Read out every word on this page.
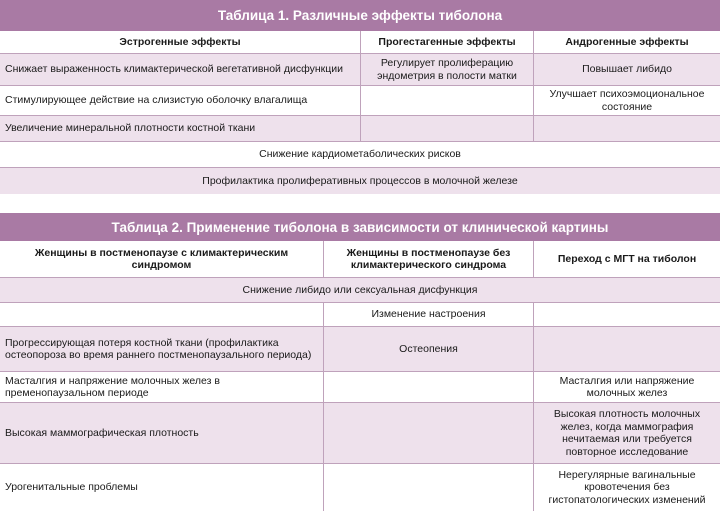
Таблица 1. Различные эффекты тиболона
Эстрогенные эффекты	Прогестагенные эффекты	Андрогенные эффекты
Снижает выраженность климактерической вегетативной дисфункции
Регулирует пролиферацию эндометрия в полости матки
Повышает либидо
Стимулирующее действие на слизистую оболочку влагалища
Улучшает психоэмоциональное состояние
Увеличение минеральной плотности костной ткани
Снижение кардиометаболических рисков
Профилактика пролиферативных процессов в молочной железе
Таблица 2. Применение тиболона в зависимости от клинической картины
Женщины в постменопаузе с климактерическим синдромом
Женщины в постменопаузе без климактерического синдрома
Переход с МГТ на тиболон
Снижение либидо или сексуальная дисфункция
Изменение настроения
Прогрессирующая потеря костной ткани (профилактика остеопороза во время раннего постменопаузального периода)
Остеопения
Масталгия и напряжение молочных желез в пременопаузальном периоде
Масталгия или напряжение молочных желез
Высокая маммографическая плотность
Высокая плотность молочных желез, когда маммография нечитаемая или требуется повторное исследование
Урогенитальные проблемы
Нерегулярные вагинальные кровотечения без гистопатологических изменений
